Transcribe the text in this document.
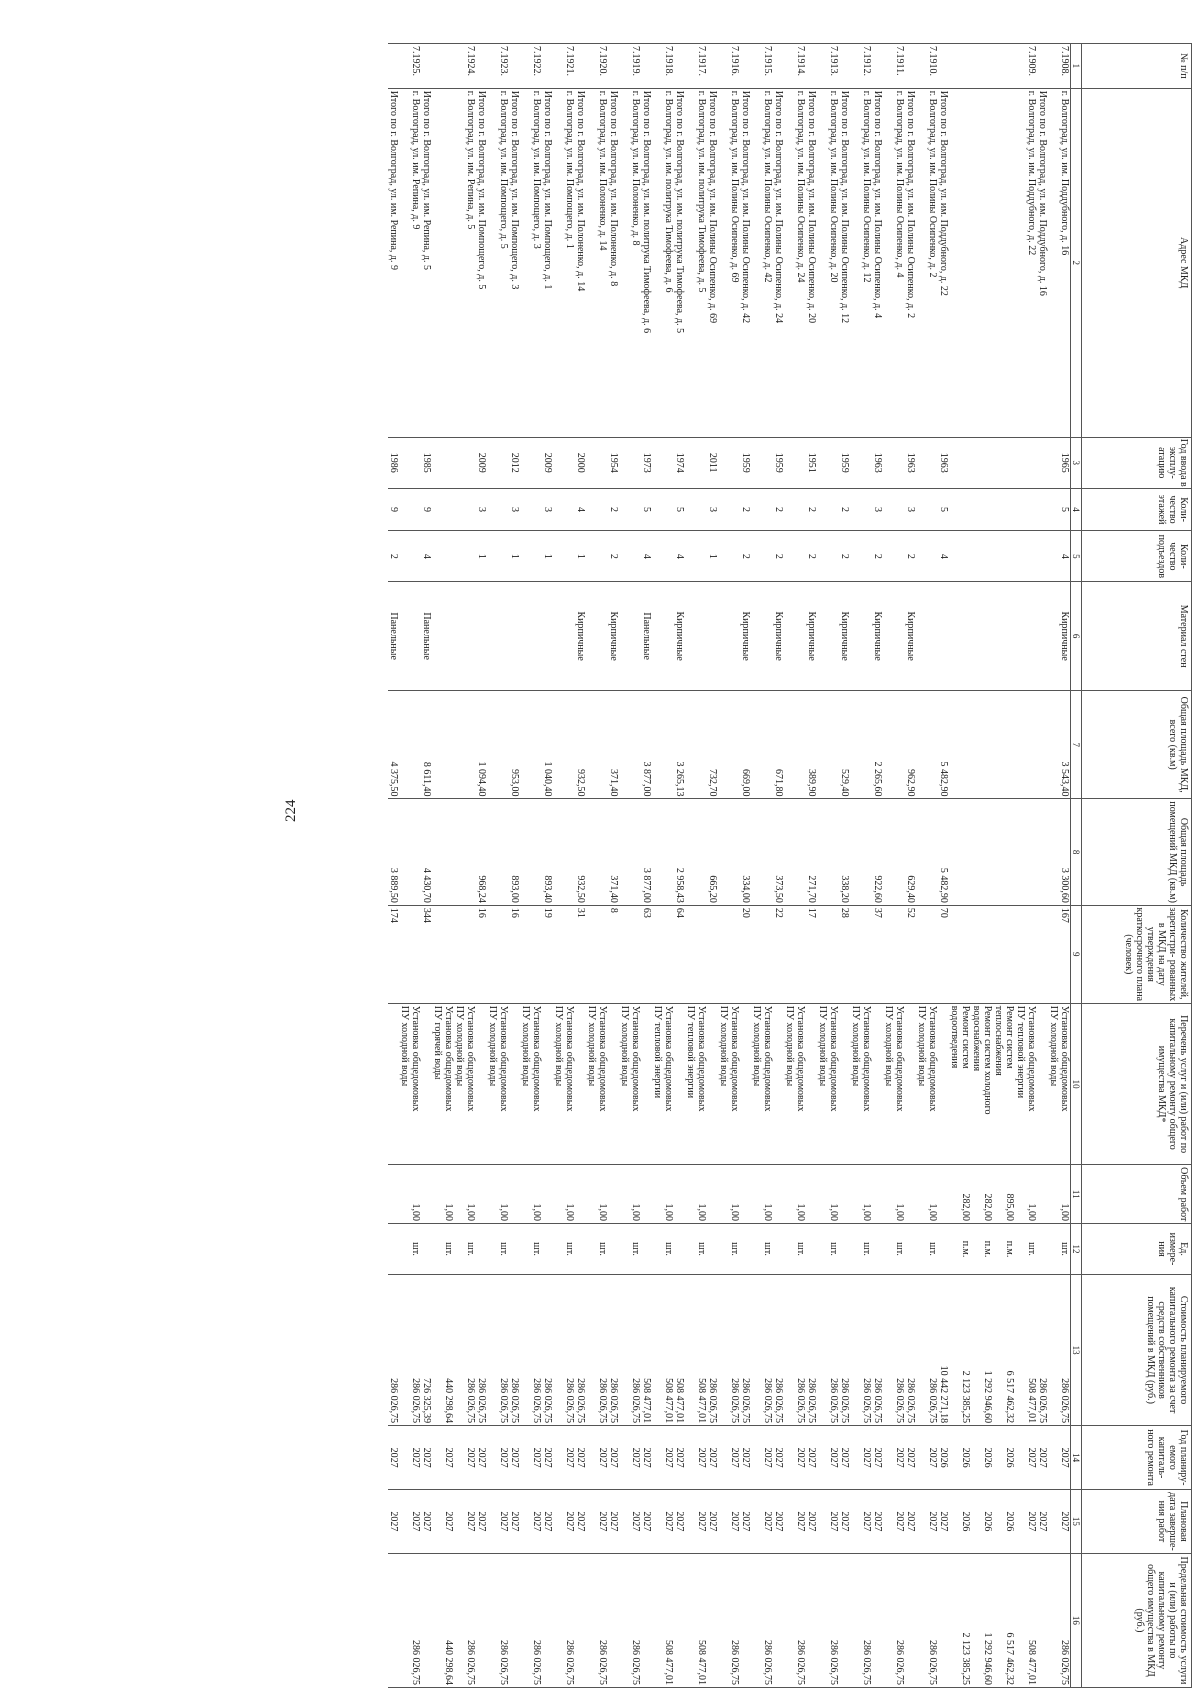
224
№ п/п	Адрес МКД	Год ввода в эксплу- атацию	Коли- чество этажей	Коли- чество подъездов	Материал стен	Общая площадь МКД, всего (кв.м)	Общая площадь помещений МКД (кв.м)	Количество жителей, зарегистри- рованных в МКД на дату утверждения краткосрочного плана (человек)	Перечень услуг и (или) работ по капитальному ремонту общего имущества МКД*	Объем работ	Ед. измере- ния	Стоимость планируемого капитального ремонта за счет средств собственников помещений в МКД (руб.)	Год планиру- емого капиталь- ного ремонта	Плановая дата заверше- ния работ	Предельная стоимость услуги и (или) работы по капитальному ремонту общего имущества в МКД (руб.)
1	2	3	4	5	6	7	8	9	10	11	12	13	14	15	16
7.1908.	г. Волгоград, ул. им. Поддубного, д. 16	1965	5	4	Кирпичные	3 543,40	3 300,60	167	Установка общедомовых	1,00	шт.	286 026,75	2027	2027	286 026,75
									ПУ холодной воды						
	Итого по г. Волгоград, ул. им. Поддубного, д. 16											286 026,75	2027	2027	
7.1909.	г. Волгоград, ул. им. Поддубного, д. 22								Установка общедомовых	1,00	шт.	508 477,01	2027	2027	508 477,01
									ПУ тепловой энергии						
									Ремонт систем	895,00	п.м.	6 517 462,32	2026	2026	6 517 462,32
									теплоснабжения						
									Ремонт систем холодного	282,00	п.м.	1 292 946,60	2026	2026	1 292 946,60
									водоснабжения						
									Ремонт систем	282,00	п.м.	2 123 385,25	2026	2026	2 123 385,25
									водоотведения						
	Итого по г. Волгоград, ул. им. Поддубного, д. 22	1963	5	4		5 482,90	5 482,90	70				10 442 271,18	2026	2027	
7.1910.	г. Волгоград, ул. им. Полины Осипенко, д. 2								Установка общедомовых	1,00	шт.	286 026,75	2027	2027	286 026,75
									ПУ холодной воды						
	Итого по г. Волгоград, ул. им. Полины Осипенко, д. 2	1963	3	2	Кирпичные	962,90	629,40	52				286 026,75	2027	2027	
7.1911.	г. Волгоград, ул. им. Полины Осипенко, д. 4								Установка общедомовых	1,00	шт.	286 026,75	2027	2027	286 026,75
									ПУ холодной воды						
	Итого по г. Волгоград, ул. им. Полины Осипенко, д. 4	1963	3	2	Кирпичные	2 265,60	922,60	37				286 026,75	2027	2027	
7.1912.	г. Волгоград, ул. им. Полины Осипенко, д. 12								Установка общедомовых	1,00	шт.	286 026,75	2027	2027	286 026,75
									ПУ холодной воды						
	Итого по г. Волгоград, ул. им. Полины Осипенко, д. 12	1959	2	2	Кирпичные	529,40	338,20	28				286 026,75	2027	2027	
7.1913.	г. Волгоград, ул. им. Полины Осипенко, д. 20								Установка общедомовых	1,00	шт.	286 026,75	2027	2027	286 026,75
									ПУ холодной воды						
	Итого по г. Волгоград, ул. им. Полины Осипенко, д. 20	1951	2	2	Кирпичные	389,90	271,70	17				286 026,75	2027	2027	
7.1914.	г. Волгоград, ул. им. Полины Осипенко, д. 24								Установка общедомовых	1,00	шт.	286 026,75	2027	2027	286 026,75
									ПУ холодной воды						
	Итого по г. Волгоград, ул. им. Полины Осипенко, д. 24	1959	2	2	Кирпичные	671,80	373,50	22				286 026,75	2027	2027	
7.1915.	г. Волгоград, ул. им. Полины Осипенко, д. 42								Установка общедомовых	1,00	шт.	286 026,75	2027	2027	286 026,75
									ПУ холодной воды						
	Итого по г. Волгоград, ул. им. Полины Осипенко, д. 42	1959	2	2	Кирпичные	669,00	334,00	20				286 026,75	2027	2027	
7.1916.	г. Волгоград, ул. им. Полины Осипенко, д. 69								Установка общедомовых	1,00	шт.	286 026,75	2027	2027	286 026,75
									ПУ холодной воды						
	Итого по г. Волгоград, ул. им. Полины Осипенко, д. 69	2011	3	1		732,70	665,20					286 026,75	2027	2027	
7.1917.	г. Волгоград, ул. им. политрука Тимофеева, д. 5								Установка общедомовых	1,00	шт.	508 477,01	2027	2027	508 477,01
									ПУ тепловой энергии						
	Итого по г. Волгоград, ул. им. политрука Тимофеева, д. 5	1974	5	4	Кирпичные	3 265,13	2 958,43	64				508 477,01	2027	2027	
7.1918.	г. Волгоград, ул. им. политрука Тимофеева, д. 6								Установка общедомовых	1,00	шт.	508 477,01	2027	2027	508 477,01
									ПУ тепловой энергии						
	Итого по г. Волгоград, ул. им. политрука Тимофеева, д. 6	1973	5	4	Панельные	3 877,00	3 877,00	63				508 477,01	2027	2027	
7.1919.	г. Волгоград, ул. им. Полоненко, д. 8								Установка общедомовых	1,00	шт.	286 026,75	2027	2027	286 026,75
									ПУ холодной воды						
	Итого по г. Волгоград, ул. им. Полоненко, д. 8	1954	2	2	Кирпичные	371,40	371,40	8				286 026,75	2027	2027	
7.1920.	г. Волгоград, ул. им. Полоненко, д. 14								Установка общедомовых	1,00	шт.	286 026,75	2027	2027	286 026,75
									ПУ холодной воды						
	Итого по г. Волгоград, ул. им. Полоненко, д. 14	2000	4	1	Кирпичные	932,50	932,50	31				286 026,75	2027	2027	
7.1921.	г. Волгоград, ул. им. Помпощего, д. 1								Установка общедомовых	1,00	шт.	286 026,75	2027	2027	286 026,75
									ПУ холодной воды						
	Итого по г. Волгоград, ул. им. Помпощего, д. 1	2009	3	1		1 040,40	893,40	19				286 026,75	2027	2027	
7.1922.	г. Волгоград, ул. им. Помпощего, д. 3								Установка общедомовых	1,00	шт.	286 026,75	2027	2027	286 026,75
									ПУ холодной воды						
	Итого по г. Волгоград, ул. им. Помпощего, д. 3	2012	3	1		953,00	893,00	16				286 026,75	2027	2027	
7.1923.	г. Волгоград, ул. им. Помпощего, д. 5								Установка общедомовых	1,00	шт.	286 026,75	2027	2027	286 026,75
									ПУ холодной воды						
	Итого по г. Волгоград, ул. им. Помпощего, д. 5	2009	3	1		1 094,40	968,24	16				286 026,75	2027	2027	
7.1924.	г. Волгоград, ул. им. Репина, д. 5								Установка общедомовых	1,00	шт.	286 026,75	2027	2027	286 026,75
									ПУ холодной воды						
									Установка общедомовых	1,00	шт.	440 298,64	2027	2027	440 298,64
									ПУ горячей воды						
	Итого по г. Волгоград, ул. им. Репина, д. 5	1985	9	4	Панельные	8 611,40	4 430,70	344				726 325,39	2027	2027	
7.1925.	г. Волгоград, ул. им. Репина, д. 9								Установка общедомовых	1,00	шт.	286 026,75	2027	2027	286 026,75
									ПУ холодной воды						
	Итого по г. Волгоград, ул. им. Репина, д. 9	1986	9	2	Панельные	4 375,50	3 889,50	174				286 026,75	2027	2027	
